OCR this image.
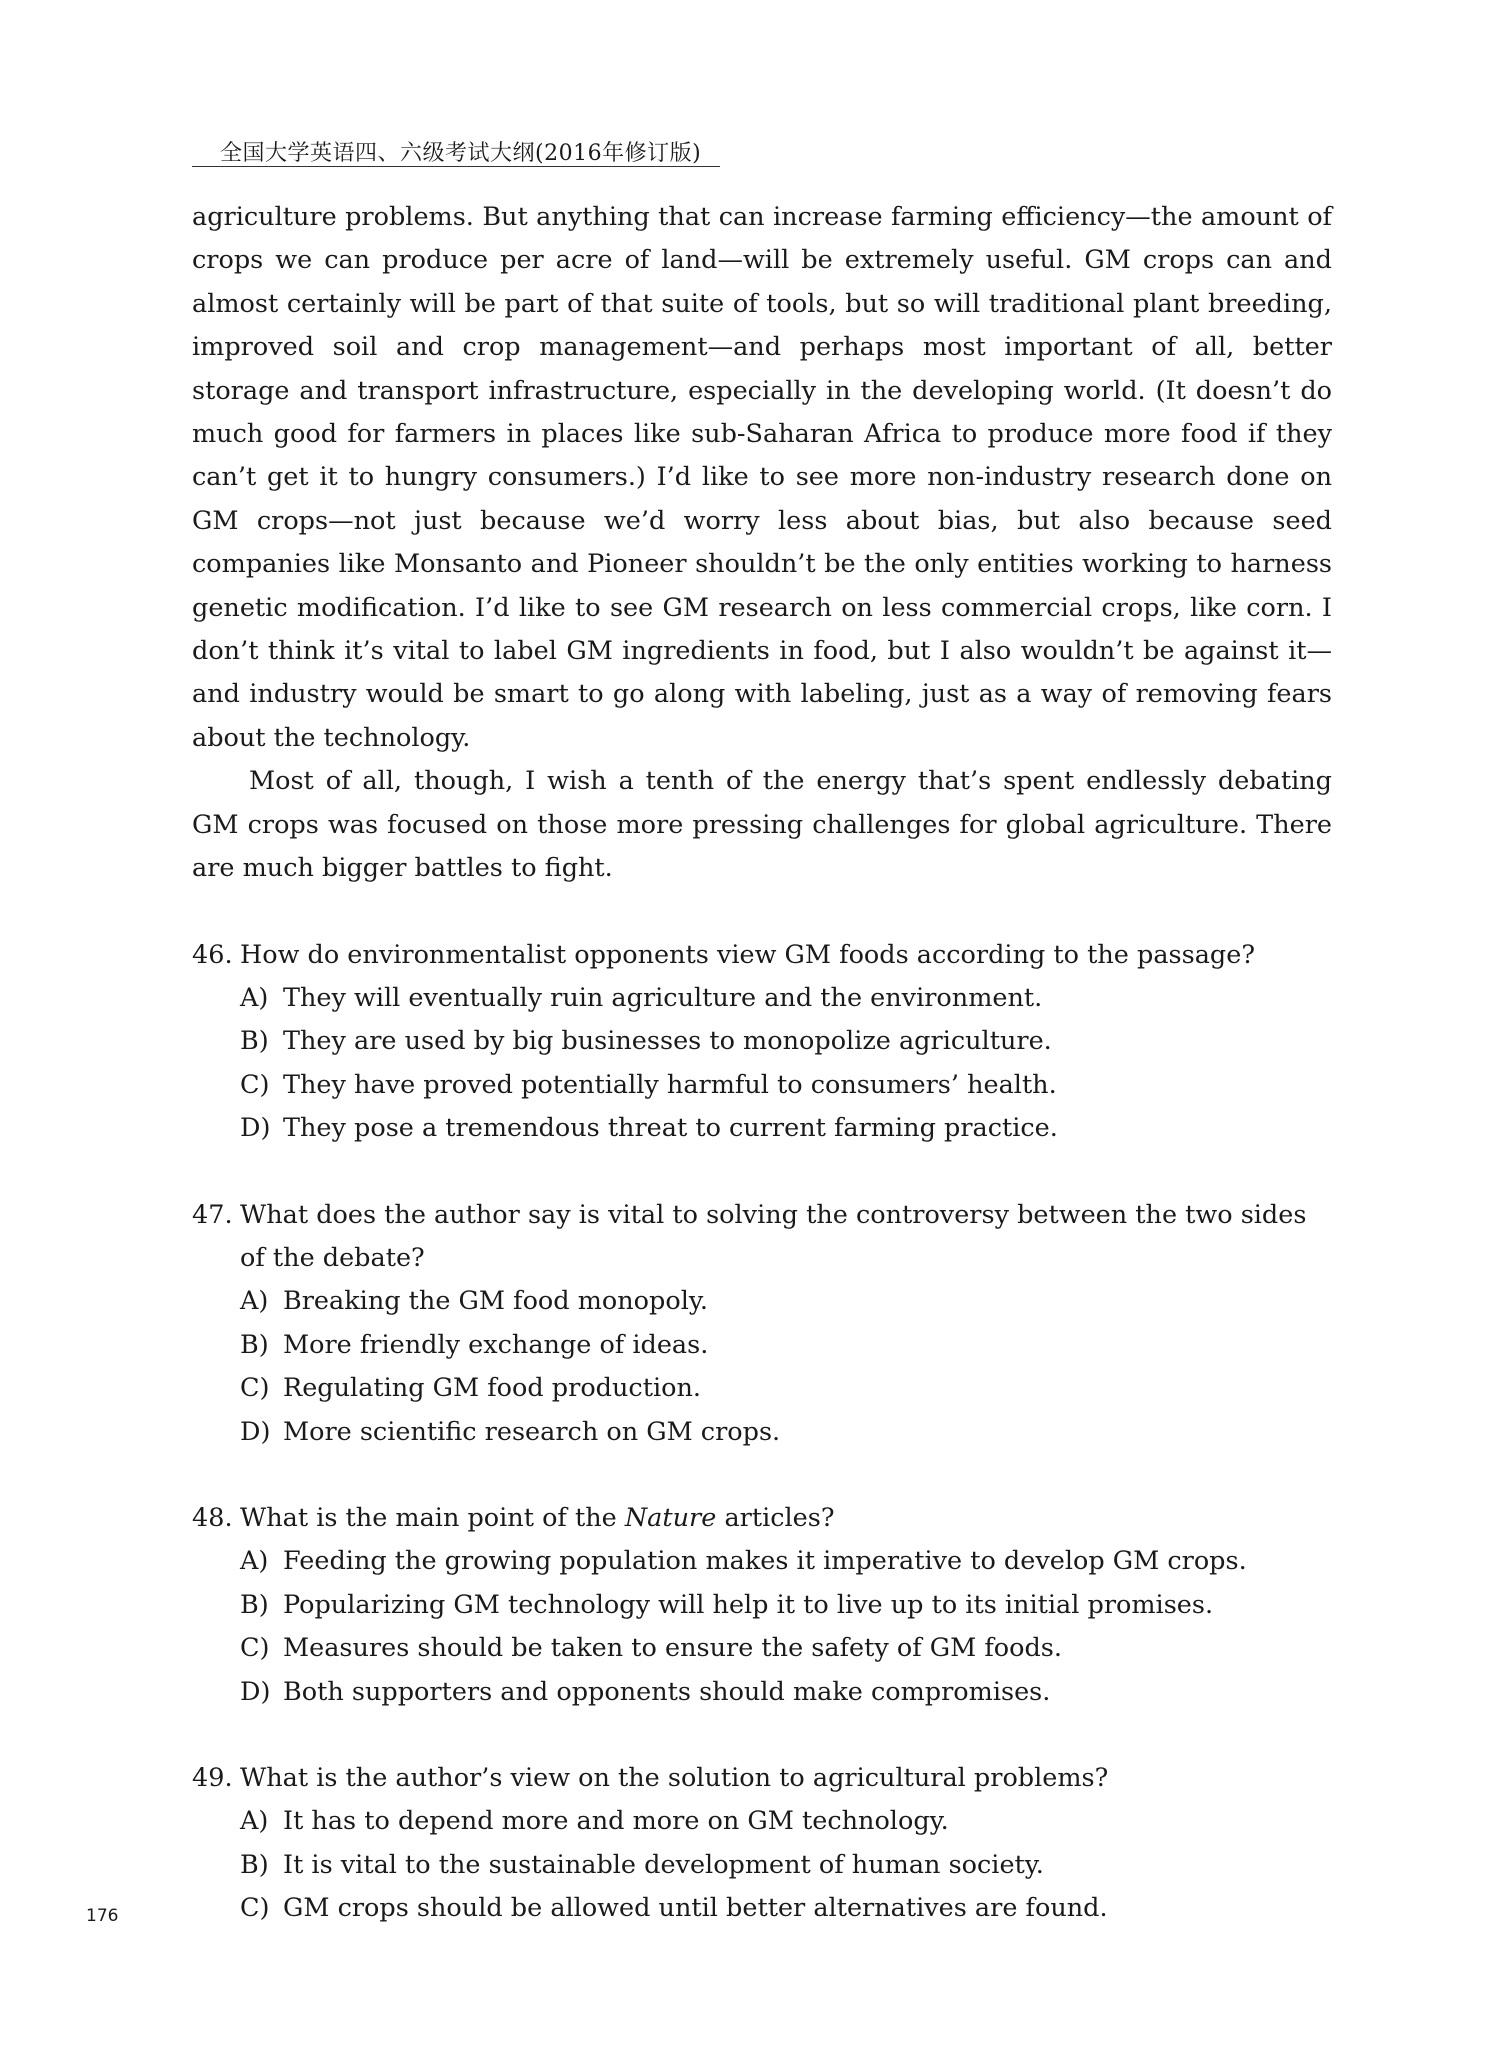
全国大学英语四、六级考试大纲(2016年修订版)

agriculture problems. But anything that can increase farming efficiency—the amount of crops we can produce per acre of land—will be extremely useful. GM crops can and almost certainly will be part of that suite of tools, but so will traditional plant breeding, improved soil and crop management—and perhaps most important of all, better storage and transport infrastructure, especially in the developing world. (It doesn’t do much good for farmers in places like sub-Saharan Africa to produce more food if they can’t get it to hungry consumers.) I’d like to see more non-industry research done on GM crops—not just because we’d worry less about bias, but also because seed companies like Monsanto and Pioneer shouldn’t be the only entities working to harness genetic modification. I’d like to see GM research on less commercial crops, like corn. I don’t think it’s vital to label GM ingredients in food, but I also wouldn’t be against it—and industry would be smart to go along with labeling, just as a way of removing fears about the technology.

Most of all, though, I wish a tenth of the energy that’s spent endlessly debating GM crops was focused on those more pressing challenges for global agriculture. There are much bigger battles to fight.

46. How do environmentalist opponents view GM foods according to the passage?

A) They will eventually ruin agriculture and the environment.

B) They are used by big businesses to monopolize agriculture.

C) They have proved potentially harmful to consumers’ health.

D) They pose a tremendous threat to current farming practice.

47. What does the author say is vital to solving the controversy between the two sides of the debate?

A) Breaking the GM food monopoly.

B) More friendly exchange of ideas.

C) Regulating GM food production.

D) More scientific research on GM crops.

48. What is the main point of the Nature articles?

A) Feeding the growing population makes it imperative to develop GM crops.

B) Popularizing GM technology will help it to live up to its initial promises.

C) Measures should be taken to ensure the safety of GM foods.

D) Both supporters and opponents should make compromises.

49. What is the author’s view on the solution to agricultural problems?

A) It has to depend more and more on GM technology.

B) It is vital to the sustainable development of human society.

C) GM crops should be allowed until better alternatives are found.

176
